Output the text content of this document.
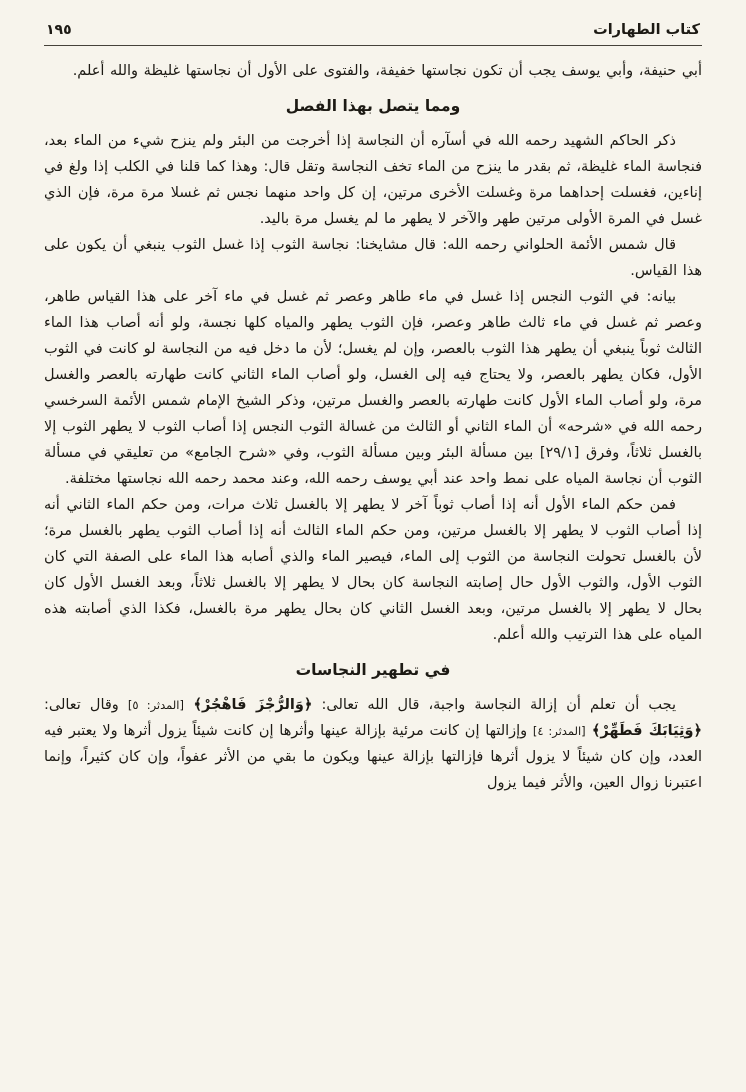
كتاب الطهارات
١٩٥

أبي حنيفة، وأبي يوسف يجب أن تكون نجاستها خفيفة، والفتوى على الأول أن نجاستها غليظة والله أعلم.

ومما يتصل بهذا الفصل

ذكر الحاكم الشهيد رحمه الله في أسآره أن النجاسة إذا أخرجت من البئر ولم ينزح شيء من الماء بعد، فنجاسة الماء غليظة، ثم بقدر ما ينزح من الماء تخف النجاسة وتقل قال: وهذا كما قلنا في الكلب إذا ولغ في إناءين، فغسلت إحداهما مرة وغسلت الأخرى مرتين، إن كل واحد منهما نجس ثم غسلا مرة مرة، فإن الذي غسل في المرة الأولى مرتين طهر والآخر لا يطهر ما لم يغسل مرة باليد.

قال شمس الأئمة الحلواني رحمه الله: قال مشايخنا: نجاسة الثوب إذا غسل الثوب ينبغي أن يكون على هذا القياس.

بيانه: في الثوب النجس إذا غسل في ماء طاهر وعصر ثم غسل في ماء آخر على هذا القياس طاهر، وعصر ثم غسل في ماء ثالث طاهر وعصر، فإن الثوب يطهر والمياه كلها نجسة، ولو أنه أصاب هذا الماء الثالث ثوباً ينبغي أن يطهر هذا الثوب بالعصر، وإن لم يغسل؛ لأن ما دخل فيه من النجاسة لو كانت في الثوب الأول، فكان يطهر بالعصر، ولا يحتاج فيه إلى الغسل، ولو أصاب الماء الثاني كانت طهارته بالعصر والغسل مرة، ولو أصاب الماء الأول كانت طهارته بالعصر والغسل مرتين، وذكر الشيخ الإمام شمس الأئمة السرخسي رحمه الله في «شرحه» أن الماء الثاني أو الثالث من غسالة الثوب النجس إذا أصاب الثوب لا يطهر الثوب إلا بالغسل ثلاثاً، وفرق [٢٩/١] بين مسألة البئر وبين مسألة الثوب، وفي «شرح الجامع» من تعليقي في مسألة الثوب أن نجاسة المياه على نمط واحد عند أبي يوسف رحمه الله، وعند محمد رحمه الله نجاستها مختلفة.

فمن حكم الماء الأول أنه إذا أصاب ثوباً آخر لا يطهر إلا بالغسل ثلاث مرات، ومن حكم الماء الثاني أنه إذا أصاب الثوب لا يطهر إلا بالغسل مرتين، ومن حكم الماء الثالث أنه إذا أصاب الثوب يطهر بالغسل مرة؛ لأن بالغسل تحولت النجاسة من الثوب إلى الماء، فيصير الماء والذي أصابه هذا الماء على الصفة التي كان الثوب الأول، والثوب الأول حال إصابته النجاسة كان بحال لا يطهر إلا بالغسل ثلاثاً، وبعد الغسل الأول كان بحال لا يطهر إلا بالغسل مرتين، وبعد الغسل الثاني كان بحال يطهر مرة بالغسل، فكذا الذي أصابته هذه المياه على هذا الترتيب والله أعلم.

في تطهير النجاسات

يجب أن تعلم أن إزالة النجاسة واجبة، قال الله تعالى: ﴿وَالرُّجْزَ فَاهْجُرْ﴾ [المدثر: ٥] وقال تعالى: ﴿وَثِيَابَكَ فَطَهِّرْ﴾ [المدثر: ٤] وإزالتها إن كانت مرئية بإزالة عينها وأثرها إن كانت شيئاً يزول أثرها ولا يعتبر فيه العدد، وإن كان شيئاً لا يزول أثرها فإزالتها بإزالة عينها ويكون ما بقي من الأثر عفواً، وإن كان كثيراً، وإنما اعتبرنا زوال العين، والأثر فيما يزول
